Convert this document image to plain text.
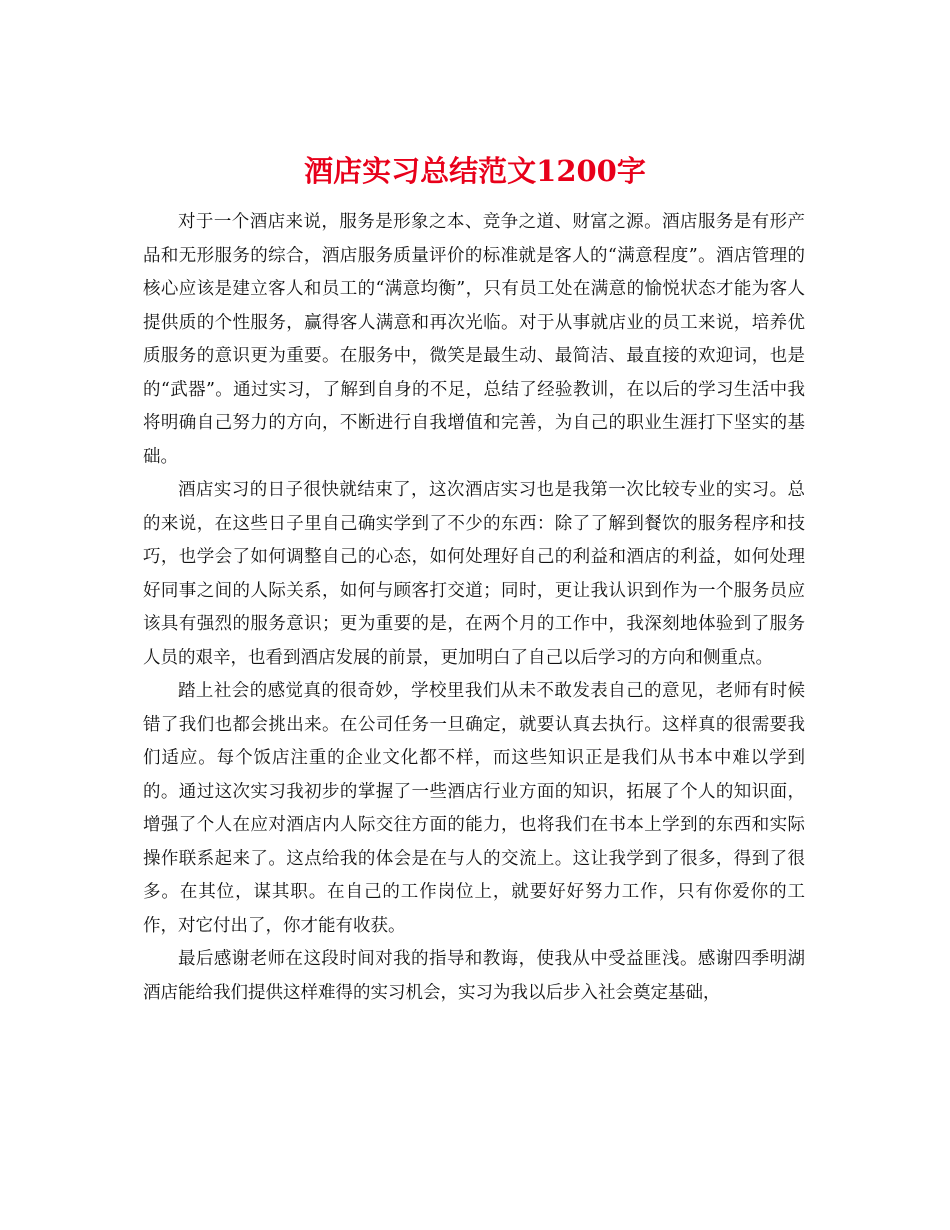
酒店实习总结范文1200字

对于一个酒店来说，服务是形象之本、竞争之道、财富之源。酒店服务是有形产品和无形服务的综合，酒店服务质量评价的标准就是客人的“满意程度”。酒店管理的核心应该是建立客人和员工的“满意均衡”，只有员工处在满意的愉悦状态才能为客人提供质的个性服务，赢得客人满意和再次光临。对于从事就店业的员工来说，培养优质服务的意识更为重要。在服务中，微笑是最生动、最简洁、最直接的欢迎词，也是的“武器”。通过实习，了解到自身的不足，总结了经验教训，在以后的学习生活中我将明确自己努力的方向，不断进行自我增值和完善，为自己的职业生涯打下坚实的基础。

酒店实习的日子很快就结束了，这次酒店实习也是我第一次比较专业的实习。总的来说，在这些日子里自己确实学到了不少的东西：除了了解到餐饮的服务程序和技巧，也学会了如何调整自己的心态，如何处理好自己的利益和酒店的利益，如何处理好同事之间的人际关系，如何与顾客打交道；同时，更让我认识到作为一个服务员应该具有强烈的服务意识；更为重要的是，在两个月的工作中，我深刻地体验到了服务人员的艰辛，也看到酒店发展的前景，更加明白了自己以后学习的方向和侧重点。

踏上社会的感觉真的很奇妙，学校里我们从未不敢发表自己的意见，老师有时候错了我们也都会挑出来。在公司任务一旦确定，就要认真去执行。这样真的很需要我们适应。每个饭店注重的企业文化都不样，而这些知识正是我们从书本中难以学到的。通过这次实习我初步的掌握了一些酒店行业方面的知识，拓展了个人的知识面，增强了个人在应对酒店内人际交往方面的能力，也将我们在书本上学到的东西和实际操作联系起来了。这点给我的体会是在与人的交流上。这让我学到了很多，得到了很多。在其位，谋其职。在自己的工作岗位上，就要好好努力工作，只有你爱你的工作，对它付出了，你才能有收获。

最后感谢老师在这段时间对我的指导和教诲，使我从中受益匪浅。感谢四季明湖酒店能给我们提供这样难得的实习机会，实习为我以后步入社会奠定基础，
